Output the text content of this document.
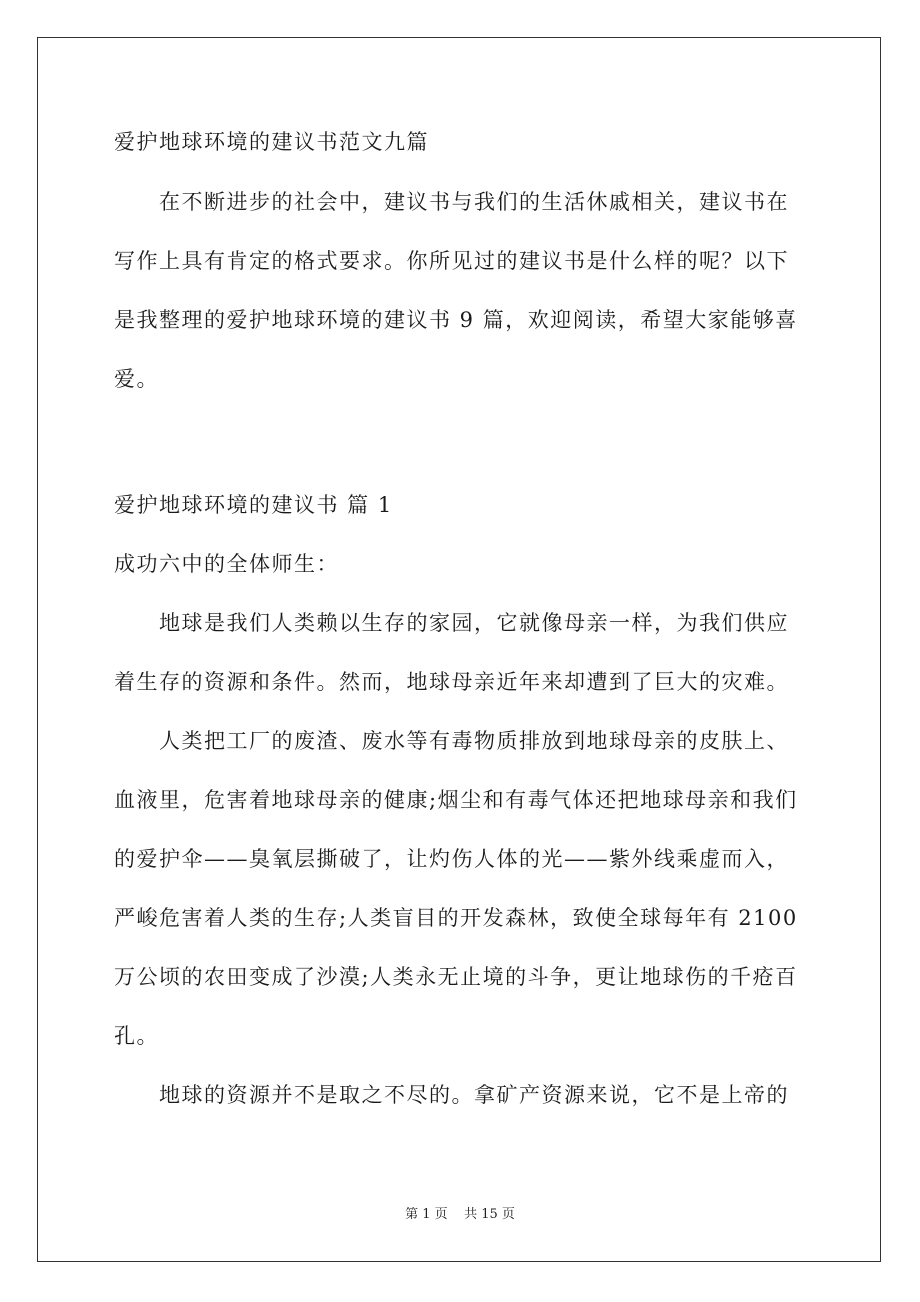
爱护地球环境的建议书范文九篇
在不断进步的社会中，建议书与我们的生活休戚相关，建议书在
写作上具有肯定的格式要求。你所见过的建议书是什么样的呢？以下
是我整理的爱护地球环境的建议书 9 篇，欢迎阅读，希望大家能够喜
爱。
爱护地球环境的建议书 篇 1
成功六中的全体师生：
地球是我们人类赖以生存的家园，它就像母亲一样，为我们供应
着生存的资源和条件。然而，地球母亲近年来却遭到了巨大的灾难。
人类把工厂的废渣、废水等有毒物质排放到地球母亲的皮肤上、
血液里，危害着地球母亲的健康;烟尘和有毒气体还把地球母亲和我们
的爱护伞——臭氧层撕破了，让灼伤人体的光——紫外线乘虚而入，
严峻危害着人类的生存;人类盲目的开发森林，致使全球每年有 2100
万公顷的农田变成了沙漠;人类永无止境的斗争，更让地球伤的千疮百
孔。
地球的资源并不是取之不尽的。拿矿产资源来说，它不是上帝的
第 1 页    共 15 页
